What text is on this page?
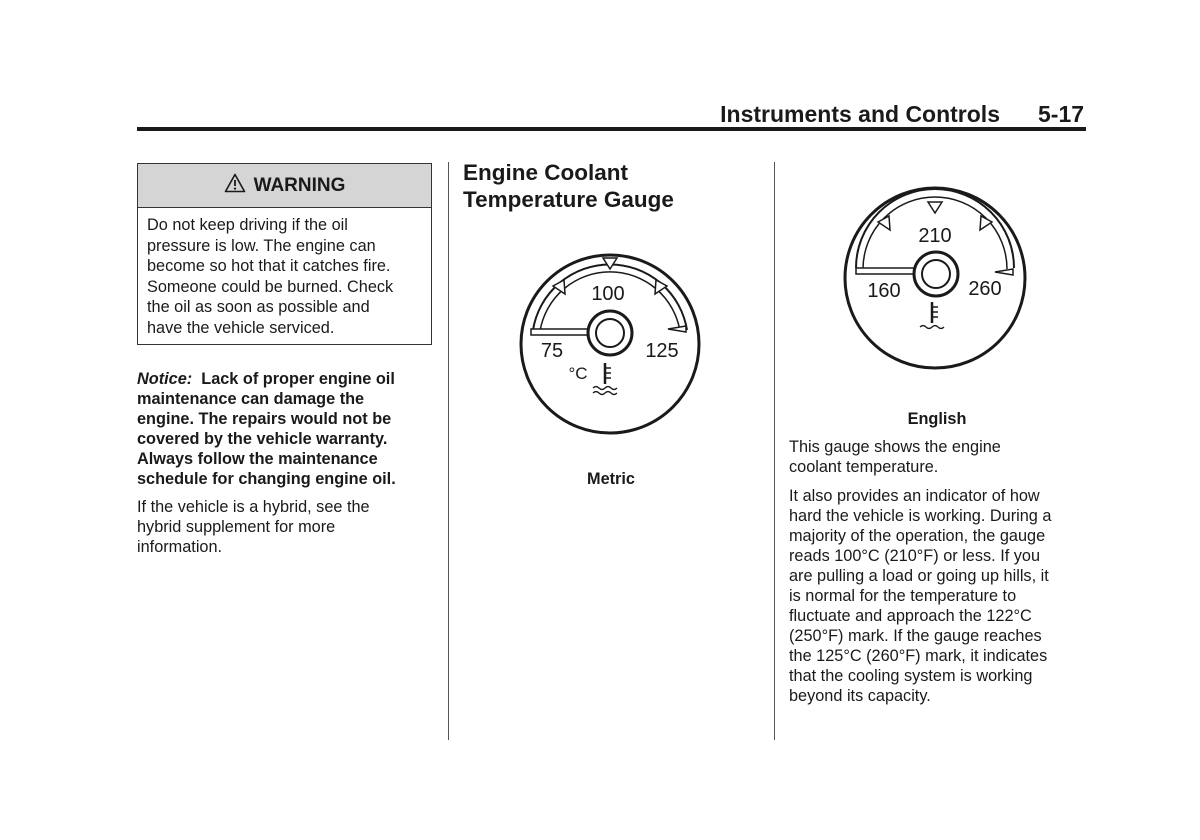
Instruments and Controls 5-17
WARNING
Do not keep driving if the oil
pressure is low. The engine can
become so hot that it catches fire.
Someone could be burned. Check
the oil as soon as possible and
have the vehicle serviced.
Notice: Lack of proper engine oil
maintenance can damage the
engine. The repairs would not be
covered by the vehicle warranty.
Always follow the maintenance
schedule for changing engine oil.
If the vehicle is a hybrid, see the
hybrid supplement for more
information.
Engine Coolant
Temperature Gauge
100
75	125
°C
Metric
210
160	260
English

This gauge shows the engine
coolant temperature.

It also provides an indicator of how
hard the vehicle is working. During a
majority of the operation, the gauge
reads 100°C (210°F) or less. If you
are pulling a load or going up hills, it
is normal for the temperature to
fluctuate and approach the 122°C
(250°F) mark. If the gauge reaches
the 125°C (260°F) mark, it indicates
that the cooling system is working
beyond its capacity.
